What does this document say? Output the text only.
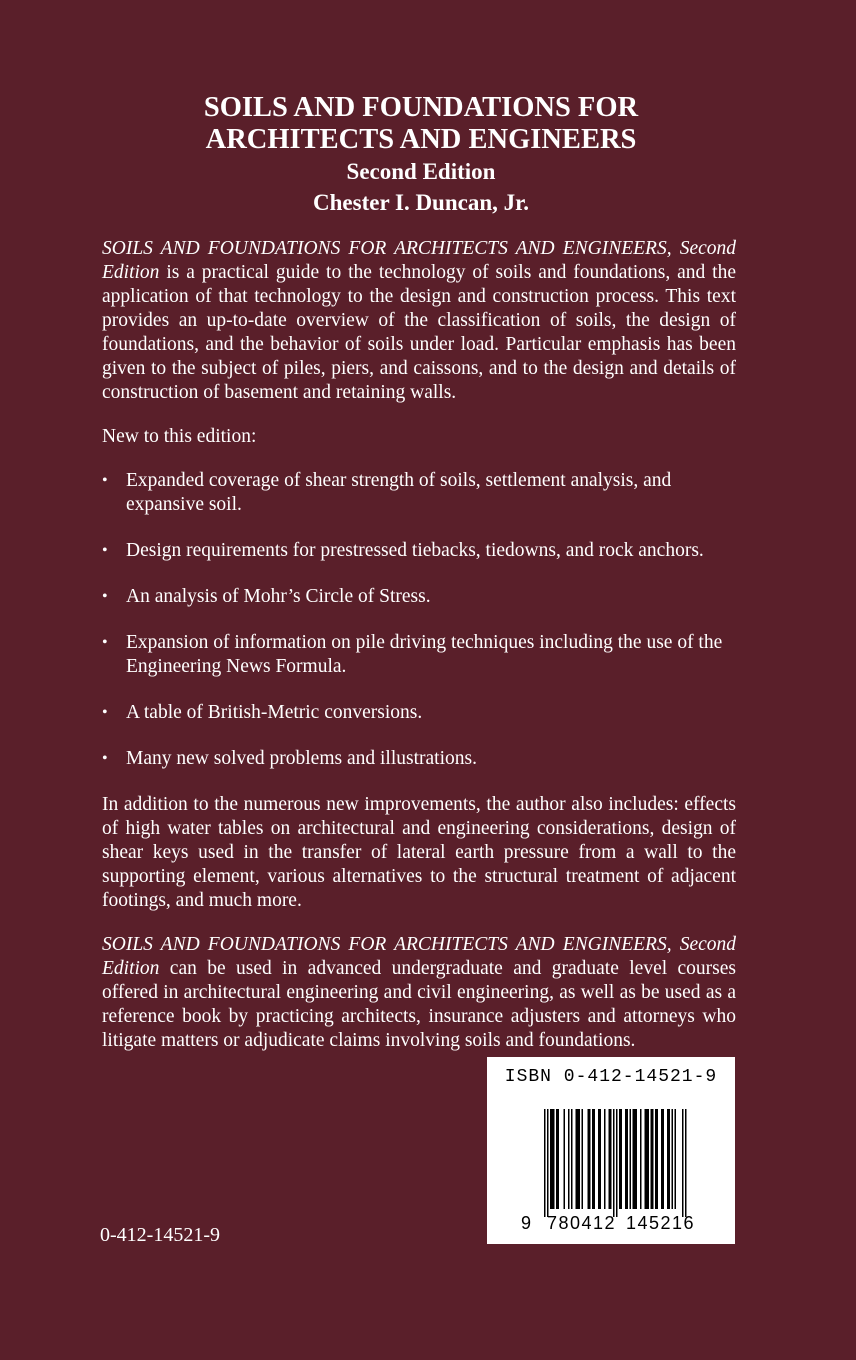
SOILS AND FOUNDATIONS FOR
ARCHITECTS AND ENGINEERS
Second Edition
Chester I. Duncan, Jr.

SOILS AND FOUNDATIONS FOR ARCHITECTS AND ENGINEERS, Second Edition is a practical guide to the technology of soils and foundations, and the application of that technology to the design and construction process. This text provides an up-to-date overview of the classification of soils, the design of foundations, and the behavior of soils under load. Particular emphasis has been given to the subject of piles, piers, and caissons, and to the design and details of construction of basement and retaining walls.

New to this edition:

• Expanded coverage of shear strength of soils, settlement analysis, and expansive soil.
• Design requirements for prestressed tiebacks, tiedowns, and rock anchors.
• An analysis of Mohr’s Circle of Stress.
• Expansion of information on pile driving techniques including the use of the Engineering News Formula.
• A table of British-Metric conversions.
• Many new solved problems and illustrations.

In addition to the numerous new improvements, the author also includes: effects of high water tables on architectural and engineering considerations, design of shear keys used in the transfer of lateral earth pressure from a wall to the supporting element, various alternatives to the structural treatment of adjacent footings, and much more.

SOILS AND FOUNDATIONS FOR ARCHITECTS AND ENGINEERS, Second Edition can be used in advanced undergraduate and graduate level courses offered in architectural engineering and civil engineering, as well as be used as a reference book by practicing architects, insurance adjusters and attorneys who litigate matters or adjudicate claims involving soils and foundations.

0-412-14521-9
ISBN 0-412-14521-9
9 780412 145216
